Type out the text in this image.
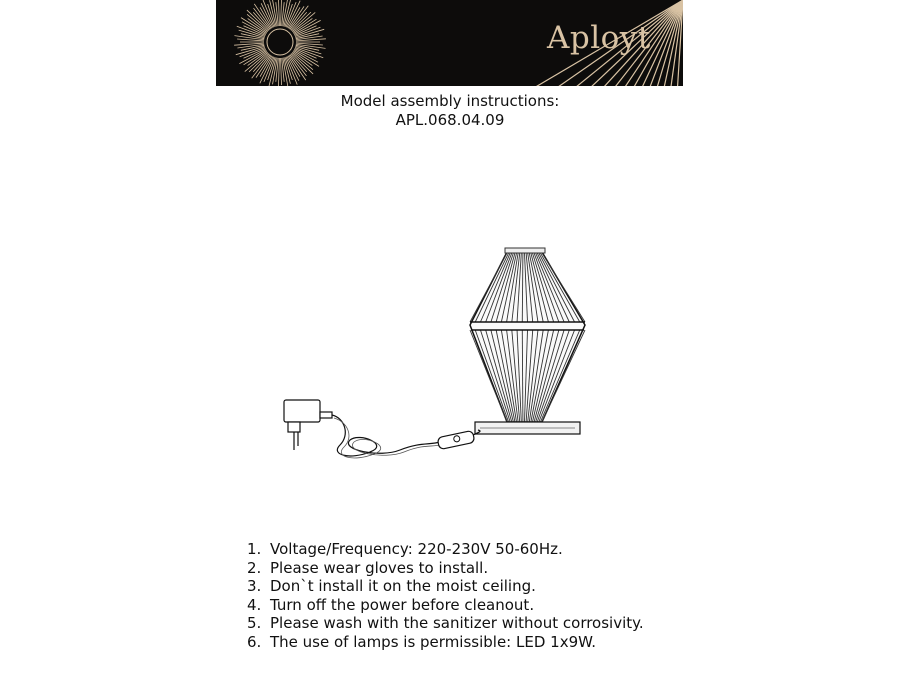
Aployt
Model assembly instructions:
APL.068.04.09
1. Voltage/Frequency: 220-230V 50-60Hz.
2. Please wear gloves to install.
3. Don`t install it on the moist ceiling.
4. Turn off the power before cleanout.
5. Please wash with the sanitizer without corrosivity.
6. The use of lamps is permissible: LED 1x9W.
